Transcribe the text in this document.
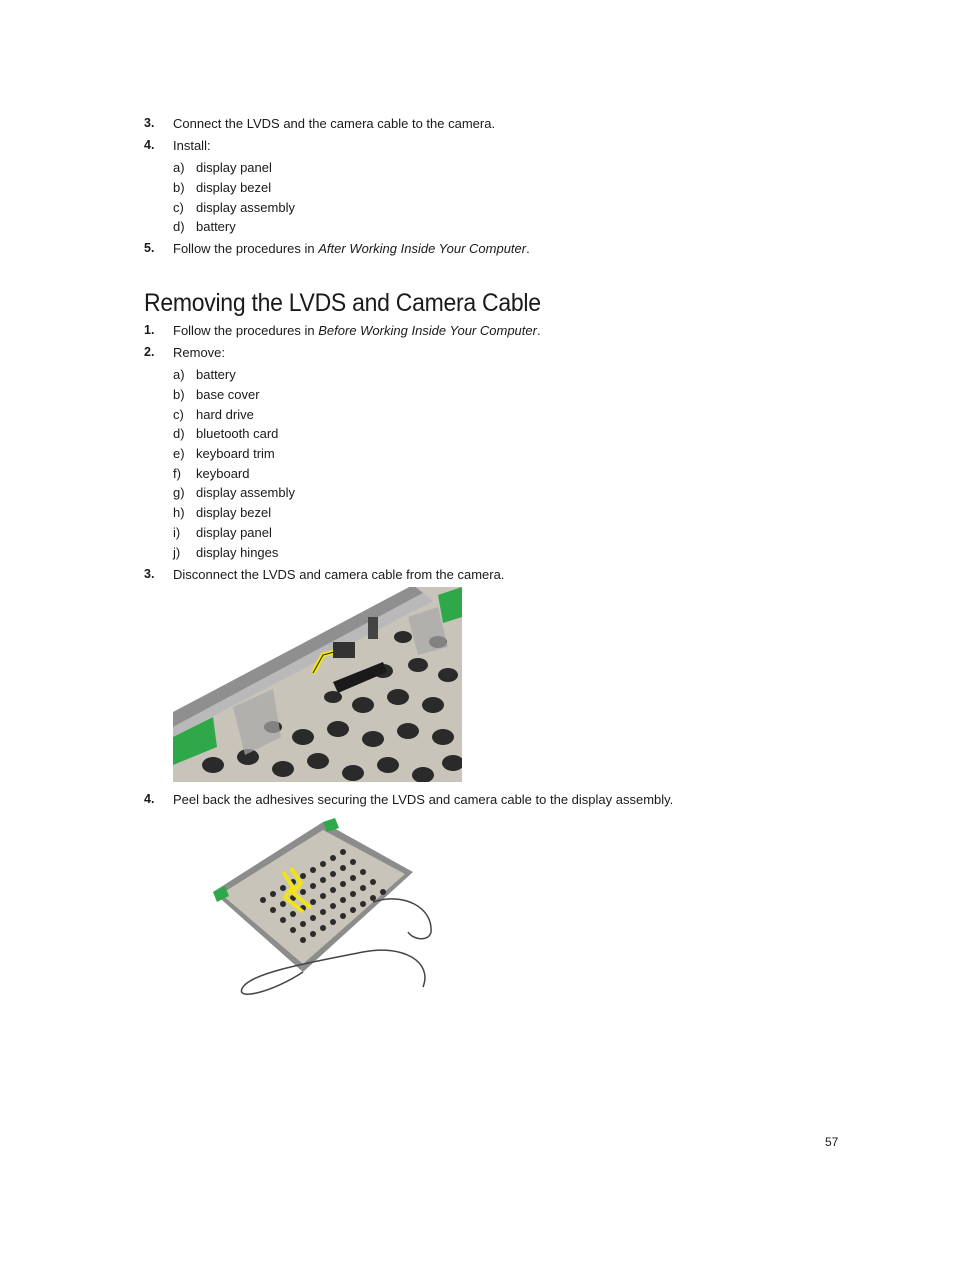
3. Connect the LVDS and the camera cable to the camera.
4. Install:
a) display panel
b) display bezel
c) display assembly
d) battery
5. Follow the procedures in After Working Inside Your Computer.
Removing the LVDS and Camera Cable
1. Follow the procedures in Before Working Inside Your Computer.
2. Remove:
a) battery
b) base cover
c) hard drive
d) bluetooth card
e) keyboard trim
f) keyboard
g) display assembly
h) display bezel
i) display panel
j) display hinges
3. Disconnect the LVDS and camera cable from the camera.
4. Peel back the adhesives securing the LVDS and camera cable to the display assembly.
57
